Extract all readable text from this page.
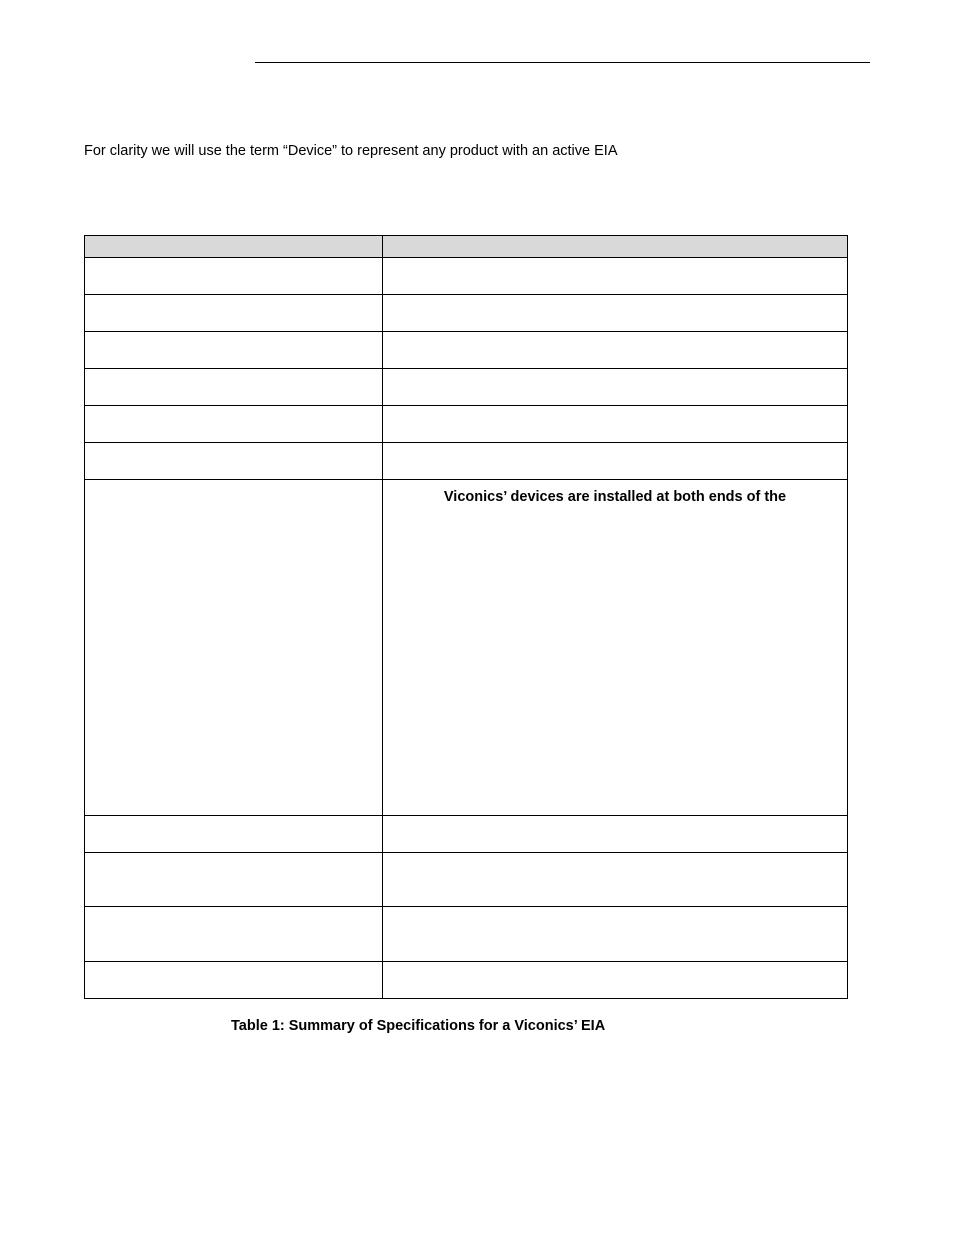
For clarity we will use the term “Device” to represent any product with an active EIA

	Viconics’ devices are installed at both ends of the

Table 1: Summary of Specifications for a Viconics’ EIA
